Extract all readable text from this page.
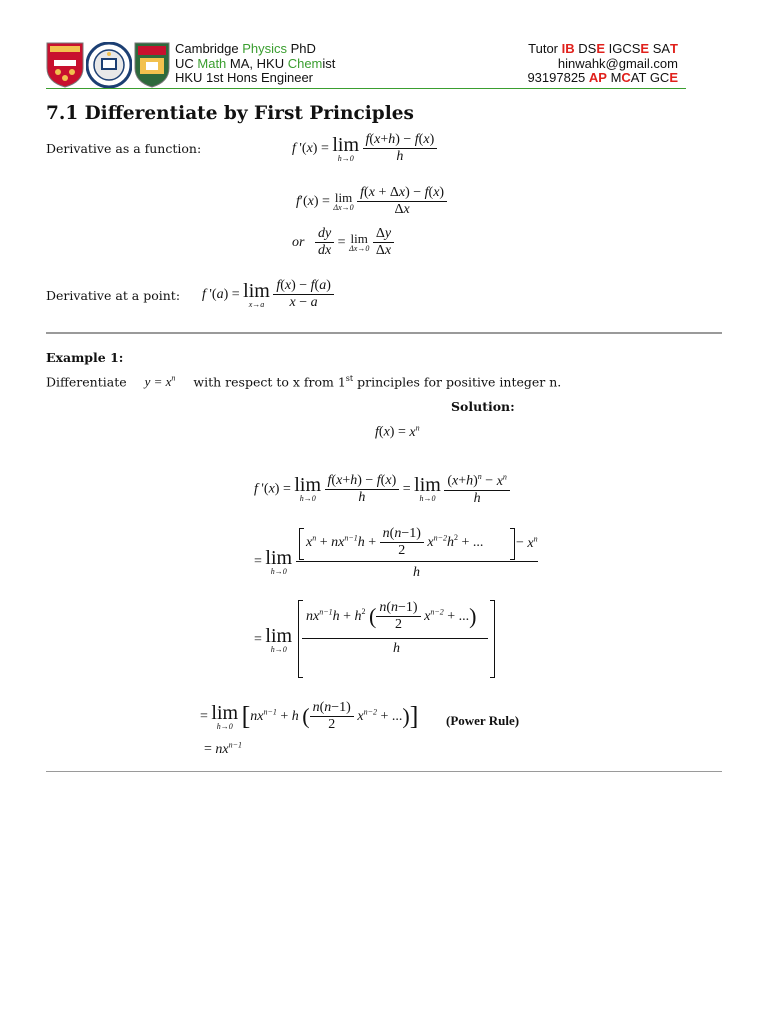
Cambridge Physics PhD
UC Math MA, HKU Chemist
HKU 1st Hons Engineer
Tutor IB DSE IGCSE SAT
hinwahk@gmail.com
93197825 AP MCAT GCE
7.1 Differentiate by First Principles
Derivative as a function:	f '(x) = lim
h→0
$\frac{f(x+h) - f(x)}{h}$
f′(x) = lim
Δx→0
$\frac{f(x + \Delta x) - f(x)}{\Delta x}$
or $\frac{dy}{dx} = \lim$
Δx→0
$\frac{\Delta y}{\Delta x}$
Derivative at a point: f '(a) = lim
x→a
$\frac{f(x) - f(a)}{x - a}$
Example 1:
Differentiate $y = x^n$ with respect to x from 1st principles for positive integer n.
Solution:
$f(x) = x^n$
f '(x) = lim
h→0
$\frac{f(x+h) - f(x)}{h} = \lim$
h→0
$\frac{(x+h)^n - x^n}{h}$
= lim
h→0
$x^n + nx^{n-1}h + \frac{n(n-1)}{2} x^{n-2}h^2$ + ... − $x^n$
h
= lim
h→0
$nx^{n-1}h + h^2$ ( $\frac{n(n-1)}{2} x^{n-2}$ + ...)
h
= lim
h→0 [$nx^{n-1} + h$ ( $\frac{n(n-1)}{2} x^{n-2}$ + ...)] (Power Rule)
= $nx^{n-1}$
